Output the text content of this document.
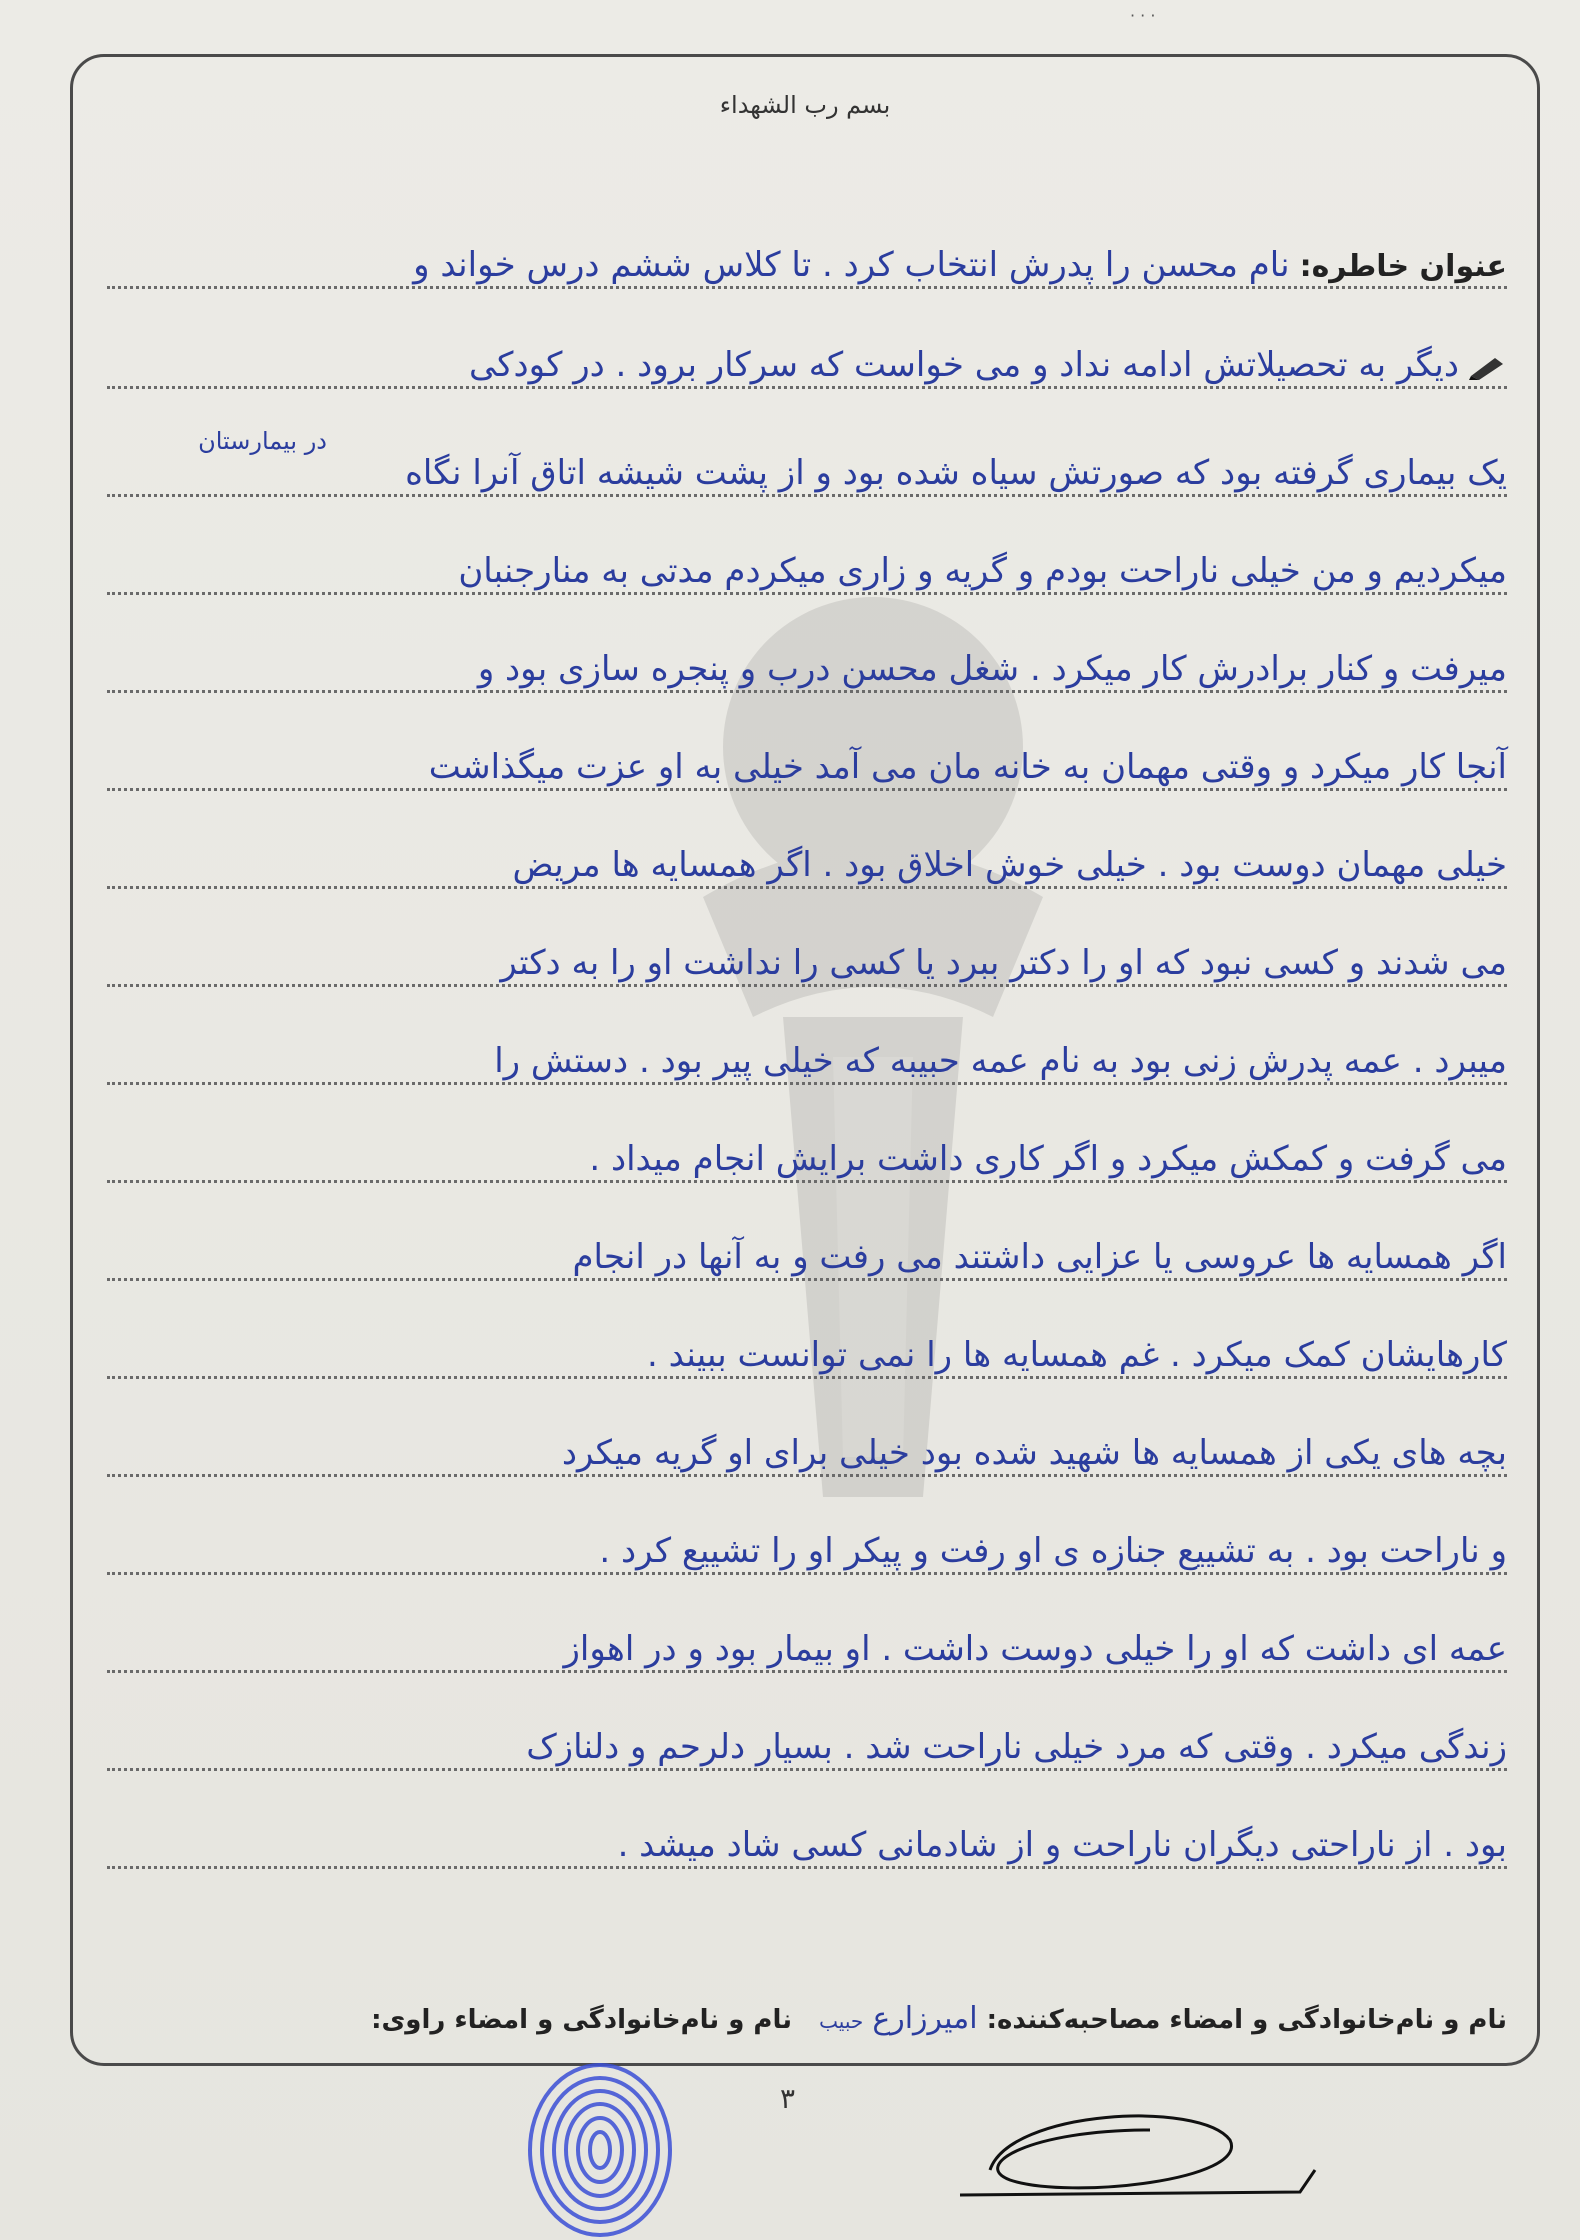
· · ·
بسم رب الشهداء
عنوان خاطره:نام محسن را پدرش انتخاب کرد . تا کلاس ششم درس خواند و
دیگر به تحصیلاتش ادامه نداد و می خواست که سرکار برود . در کودکی
در بیمارستان
یک بیماری گرفته بود که صورتش سیاه شده بود و از پشت شیشه اتاق آنرا نگاه
میکردیم و من خیلی ناراحت بودم و گریه و زاری میکردم مدتی به منارجنبان
میرفت و کنار برادرش کار میکرد . شغل محسن درب و پنجره سازی بود و
آنجا کار میکرد و وقتی مهمان به خانه مان می آمد خیلی به او عزت میگذاشت
خیلی مهمان دوست بود . خیلی خوش اخلاق بود . اگر همسایه ها مریض
می شدند و کسی نبود که او را دکتر ببرد یا کسی را نداشت او را به دکتر
میبرد . عمه پدرش زنی بود به نام عمه حبیبه که خیلی پیر بود . دستش را
می گرفت و کمکش میکرد و اگر کاری داشت برایش انجام میداد .
اگر همسایه ها عروسی یا عزایی داشتند می رفت و به آنها در انجام
کارهایشان کمک میکرد . غم همسایه ها را نمی توانست ببیند .
بچه های یکی از همسایه ها شهید شده بود خیلی برای او گریه میکرد
و ناراحت بود . به تشییع جنازه ی او رفت و پیکر او را تشییع کرد .
عمه ای داشت که او را خیلی دوست داشت . او بیمار بود و در اهواز
زندگی میکرد . وقتی که مرد خیلی ناراحت شد . بسیار دلرحم و دلنازک
بود . از ناراحتی دیگران ناراحت و از شادمانی کسی شاد میشد .
نام و نام‌خانوادگی و امضاء مصاحبه‌کننده: امیرزارع حبیب   نام و نام‌خانوادگی و امضاء راوی:
۳
